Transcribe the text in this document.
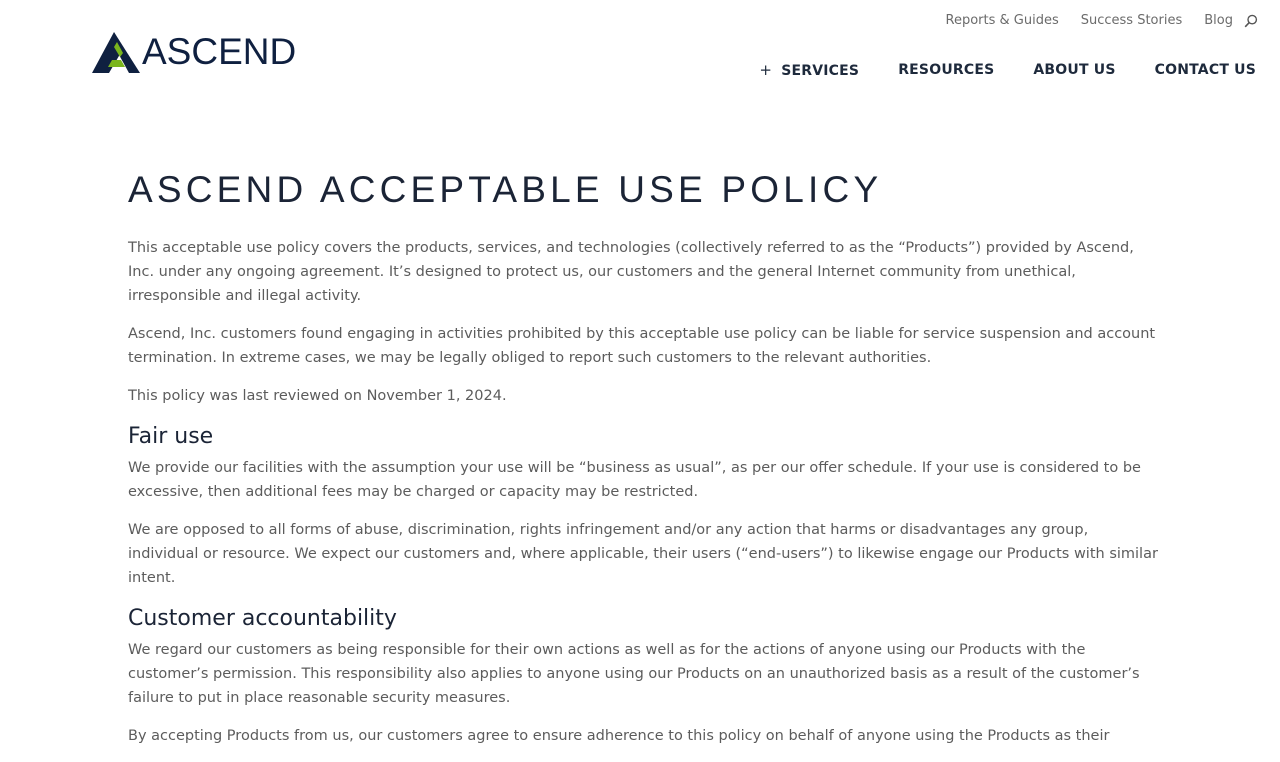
ASCEND
Reports & Guides Success Stories Blog
+ SERVICES	RESOURCES	ABOUT US	CONTACT US
ASCEND ACCEPTABLE USE POLICY

This acceptable use policy covers the products, services, and technologies (collectively referred to as the “Products”) provided by Ascend, Inc. under any ongoing agreement. It’s designed to protect us, our customers and the general Internet community from unethical, irresponsible and illegal activity.

Ascend, Inc. customers found engaging in activities prohibited by this acceptable use policy can be liable for service suspension and account termination. In extreme cases, we may be legally obliged to report such customers to the relevant authorities.

This policy was last reviewed on November 1, 2024.

Fair use

We provide our facilities with the assumption your use will be “business as usual”, as per our offer schedule. If your use is considered to be excessive, then additional fees may be charged or capacity may be restricted.

We are opposed to all forms of abuse, discrimination, rights infringement and/or any action that harms or disadvantages any group, individual or resource. We expect our customers and, where applicable, their users (“end-users”) to likewise engage our Products with similar intent.

Customer accountability

We regard our customers as being responsible for their own actions as well as for the actions of anyone using our Products with the customer’s permission. This responsibility also applies to anyone using our Products on an unauthorized basis as a result of the customer’s failure to put in place reasonable security measures.

By accepting Products from us, our customers agree to ensure adherence to this policy on behalf of anyone using the Products as their
